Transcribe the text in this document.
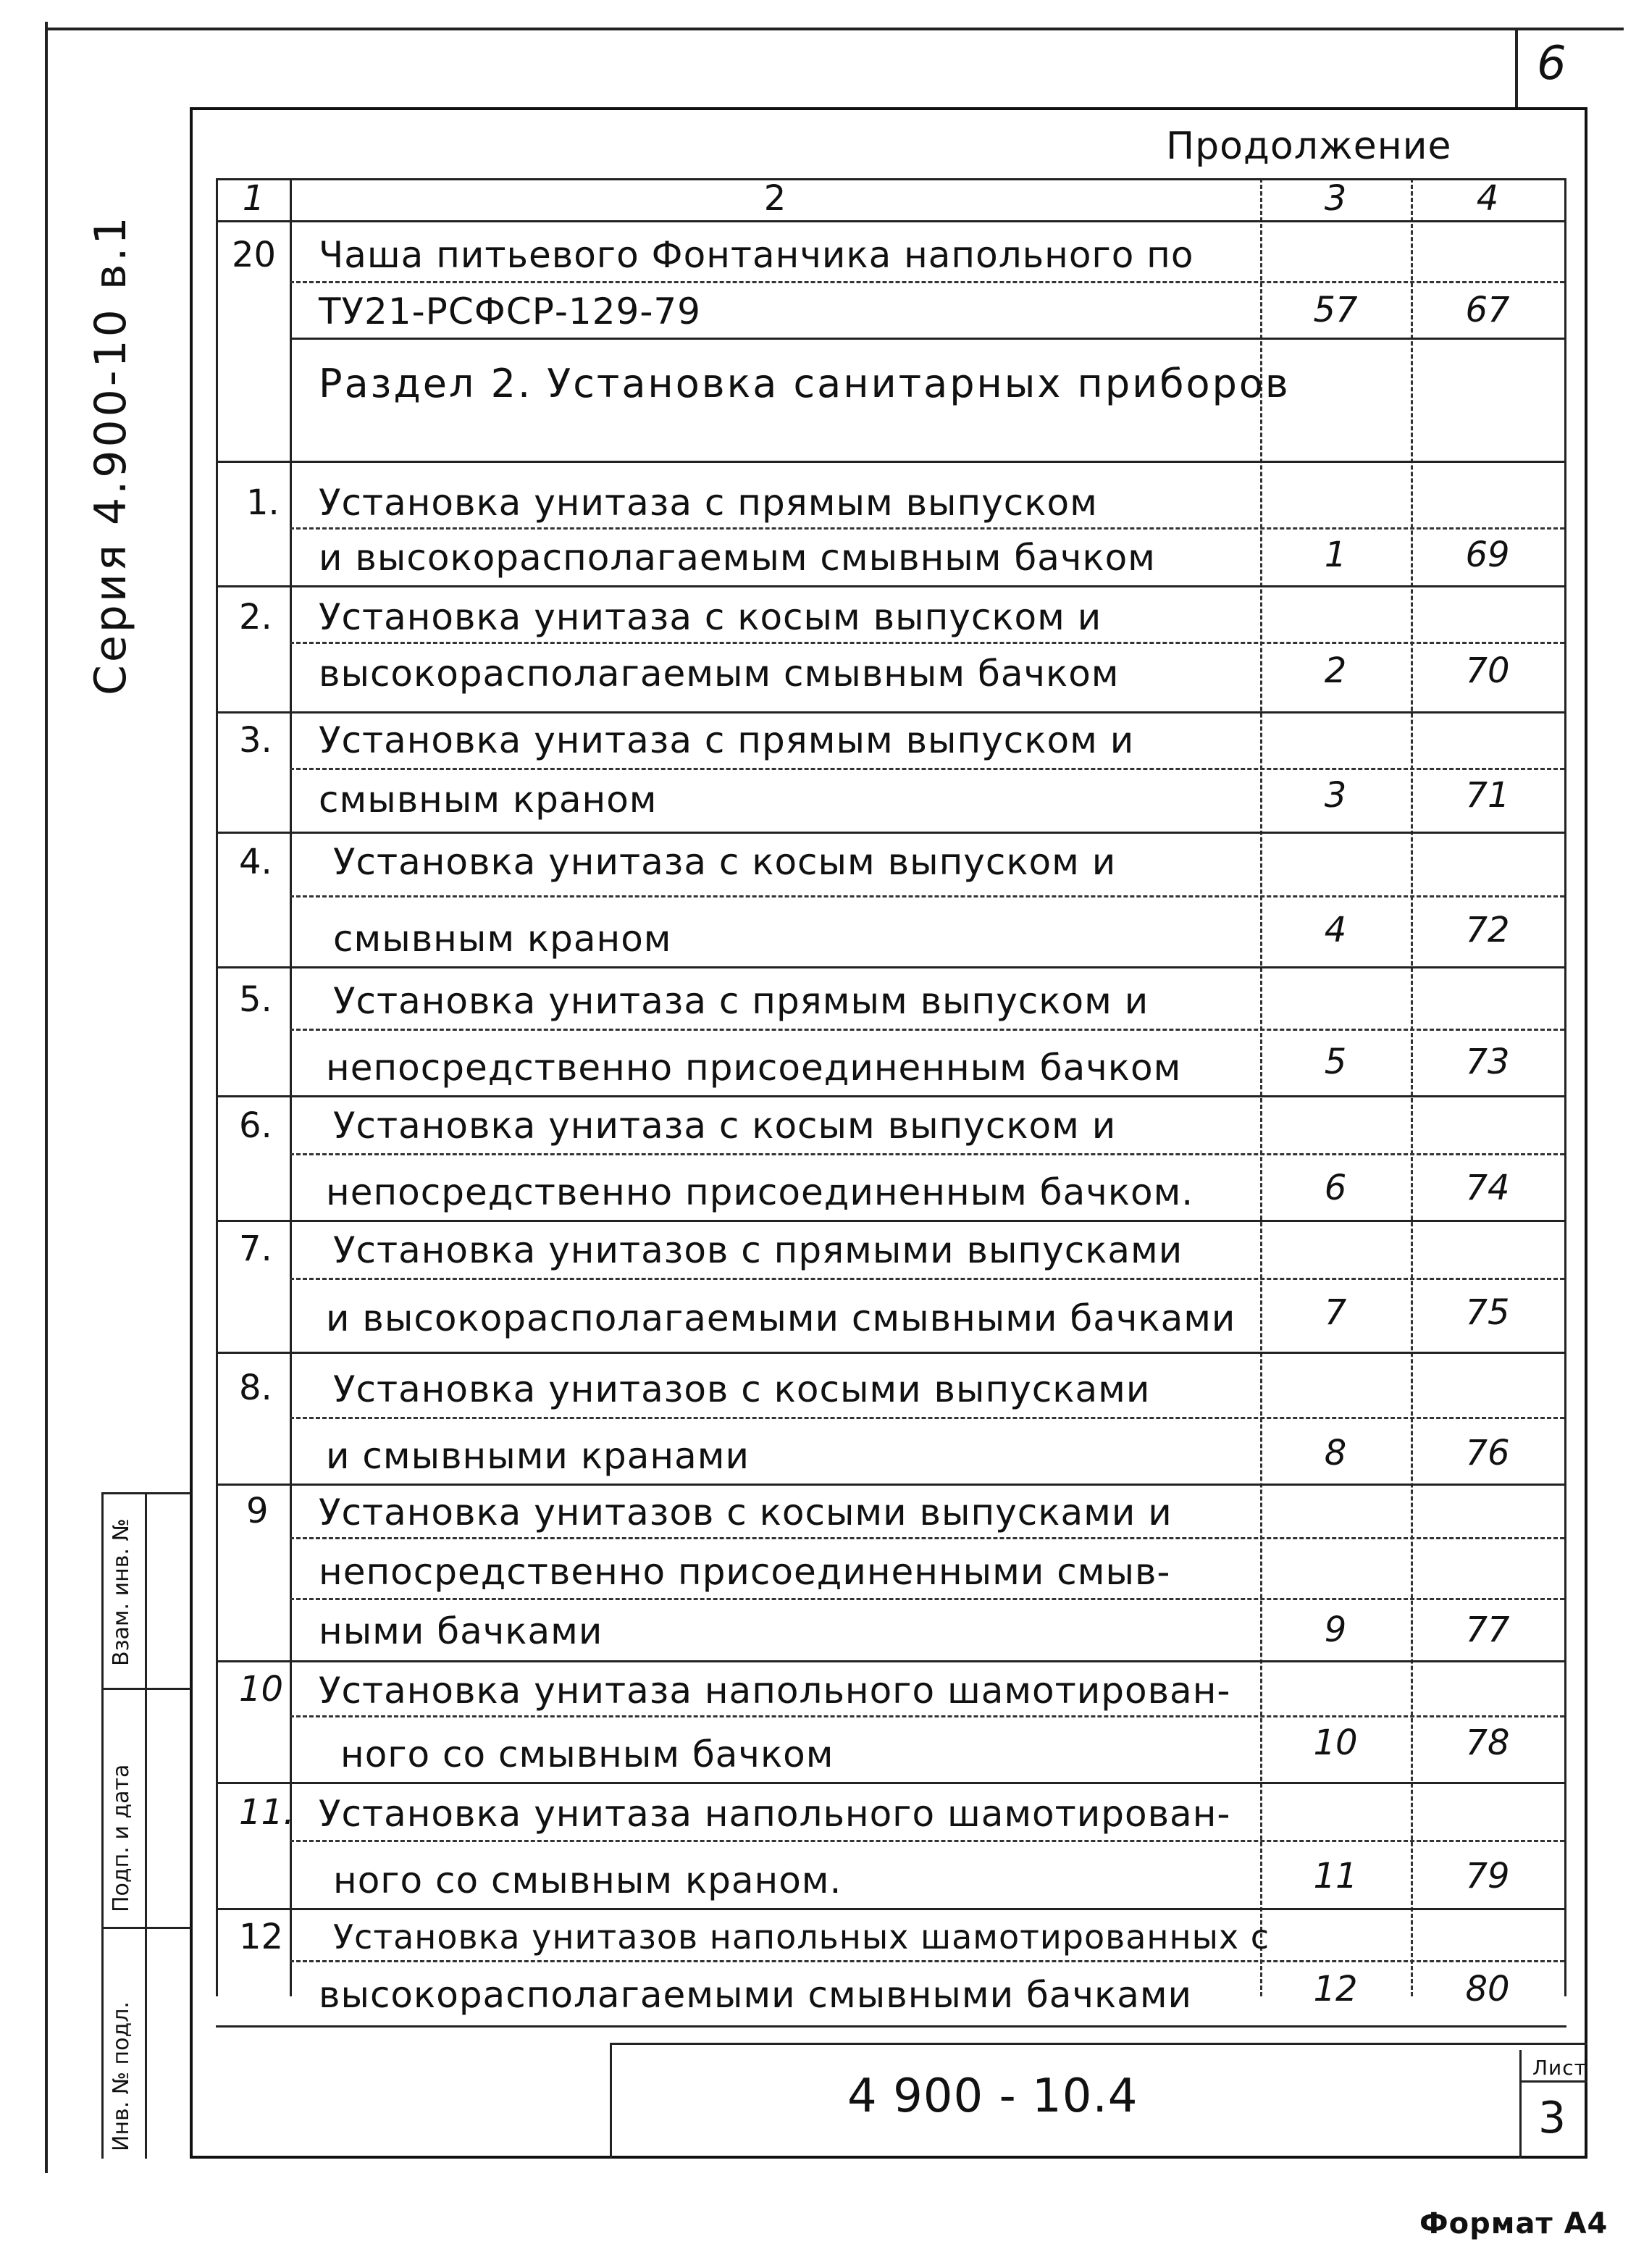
6
Серия 4.900-10 в.1
Продолжение
1	2	3	4
20 Чаша питьевого Фонтанчика напольного по
ТУ21-РСФСР-129-79	57	67
Раздел 2. Установка санитарных приборов
1. Установка унитаза с прямым выпуском
и высокорасполагаемым смывным бачком	1	69
2. Установка унитаза с косым выпуском и
высокорасполагаемым смывным бачком	2	70
3. Установка унитаза с прямым выпуском и
смывным краном	3	71
4. Установка унитаза с косым выпуском и
смывным краном	4	72
5. Установка унитаза с прямым выпуском и
непосредственно присоединенным бачком	5	73
6. Установка унитаза с косым выпуском и
непосредственно присоединенным бачком.	6	74
7. Установка унитазов с прямыми выпусками
и высокорасполагаемыми смывными бачками	7	75
8. Установка унитазов с косыми выпусками
и смывными кранами	8	76
9 Установка унитазов с косыми выпусками и
непосредственно присоединенными смыв-
ными бачками	9	77
10 Установка унитаза напольного шамотирован-
ного со смывным бачком	10	78
11. Установка унитаза напольного шамотирован-
ного со смывным краном.	11	79
12 Установка унитазов напольных шамотированных с
высокорасполагаемыми смывными бачками	12	80
4 900 - 10.4
Лист
3
Взам. инв. №
Подп. и дата
Инв. № подл.
Формат А4
